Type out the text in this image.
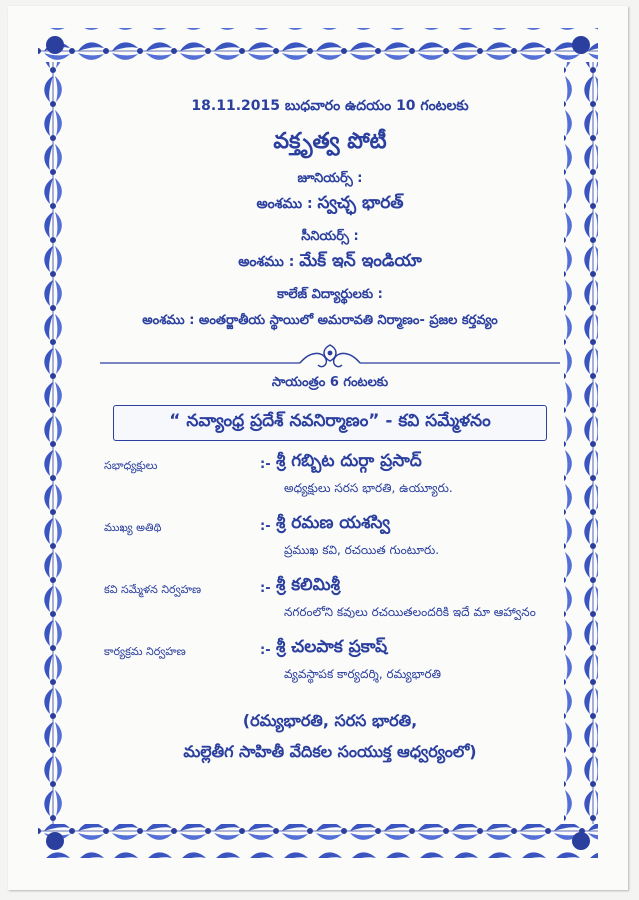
18.11.2015 బుధవారం ఉదయం 10 గంటలకు
వక్తృత్వ పోటీ
జూనియర్స్ :
అంశము : స్వచ్ఛ భారత్
సీనియర్స్ :
అంశము : మేక్ ఇన్ ఇండియా
కాలేజ్ విద్యార్థులకు :
అంశము : అంతర్జాతీయ స్థాయిలో అమరావతి నిర్మాణం- ప్రజల కర్తవ్యం
సాయంత్రం 6 గంటలకు
“ నవ్యాంధ్ర ప్రదేశ్ నవనిర్మాణం” - కవి సమ్మేళనం
సభాధ్యక్షులు	:- శ్రీ గబ్బిట దుర్గా ప్రసాద్
అధ్యక్షులు సరస భారతి, ఉయ్యూరు.
ముఖ్య అతిథి	:- శ్రీ రమణ యశస్వి
ప్రముఖ కవి, రచయిత గుంటూరు.
కవి సమ్మేళన నిర్వహణ	:- శ్రీ కలిమిశ్రీ
నగరంలోని కవులు రచయితలందరికి ఇదే మా ఆహ్వానం
కార్యక్రమ నిర్వహణ	:- శ్రీ చలపాక ప్రకాష్
వ్యవస్థాపక కార్యదర్శి, రమ్యభారతి
(రమ్యభారతి, సరస భారతి,
మల్లెతీగ సాహితీ వేదికల సంయుక్త ఆధ్వర్యంలో)
